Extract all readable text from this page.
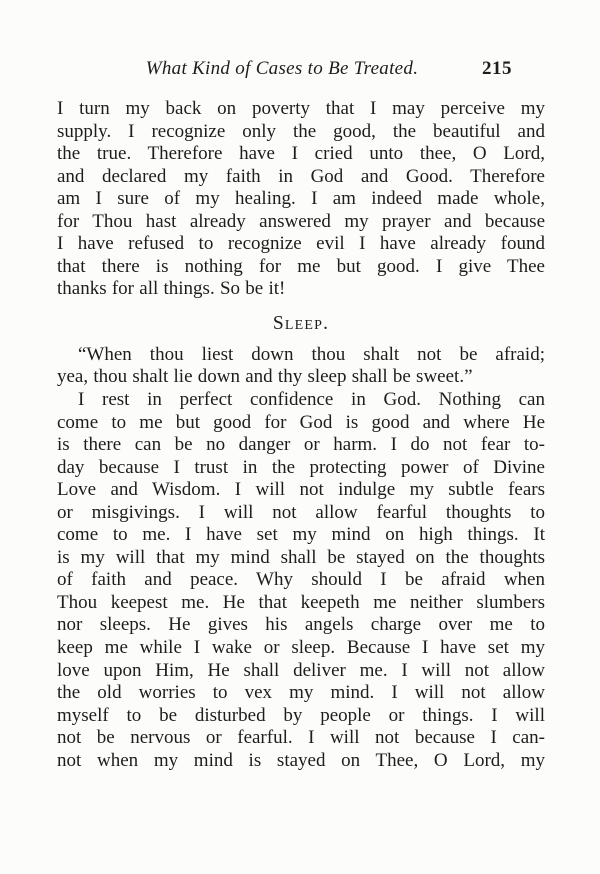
What Kind of Cases to Be Treated.	215
I turn my back on poverty that I may perceive my
supply. I recognize only the good, the beautiful and
the true. Therefore have I cried unto thee, O Lord,
and declared my faith in God and Good. Therefore
am I sure of my healing. I am indeed made whole,
for Thou hast already answered my prayer and because
I have refused to recognize evil I have already found
that there is nothing for me but good. I give Thee
thanks for all things. So be it!
Sleep.
“When thou liest down thou shalt not be afraid;
yea, thou shalt lie down and thy sleep shall be sweet.”
I rest in perfect confidence in God. Nothing can
come to me but good for God is good and where He
is there can be no danger or harm. I do not fear to-
day because I trust in the protecting power of Divine
Love and Wisdom. I will not indulge my subtle fears
or misgivings. I will not allow fearful thoughts to
come to me. I have set my mind on high things. It
is my will that my mind shall be stayed on the thoughts
of faith and peace. Why should I be afraid when
Thou keepest me. He that keepeth me neither slumbers
nor sleeps. He gives his angels charge over me to
keep me while I wake or sleep. Because I have set my
love upon Him, He shall deliver me. I will not allow
the old worries to vex my mind. I will not allow
myself to be disturbed by people or things. I will
not be nervous or fearful. I will not because I can-
not when my mind is stayed on Thee, O Lord, my
